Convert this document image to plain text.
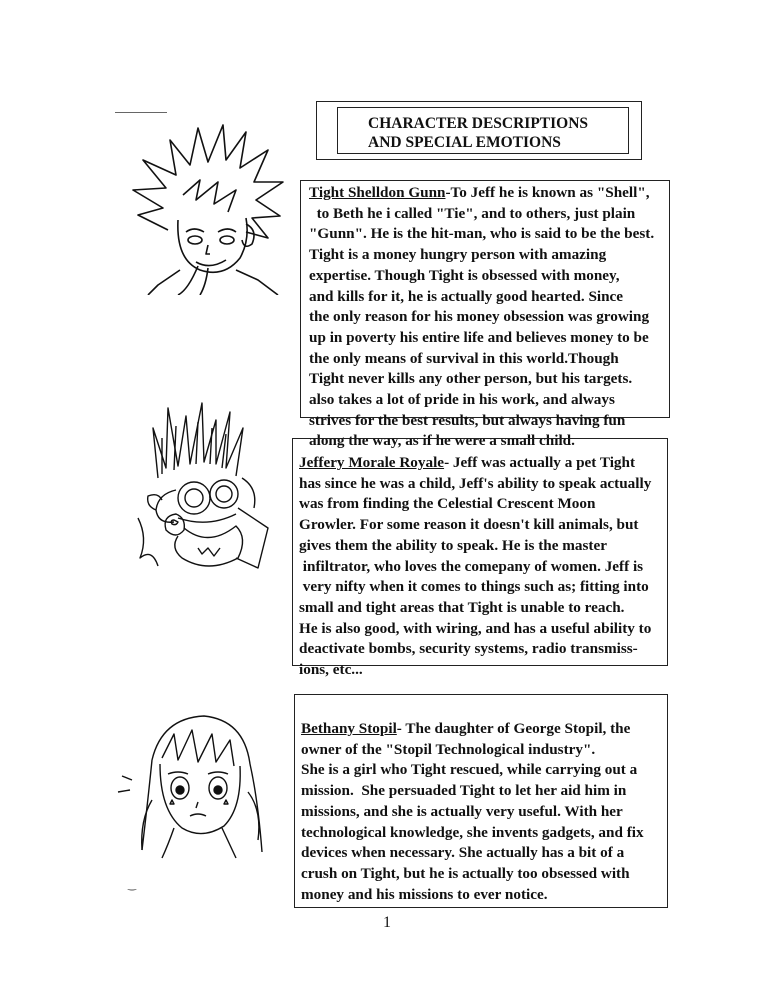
CHARACTER DESCRIPTIONS
AND SPECIAL EMOTIONS
Tight Shelldon Gunn-To Jeff he is known as "Shell",
to Beth he i called "Tie", and to others, just plain
"Gunn". He is the hit-man, who is said to be the best.
Tight is a money hungry person with amazing
expertise. Though Tight is obsessed with money,
and kills for it, he is actually good hearted. Since
the only reason for his money obsession was growing
up in poverty his entire life and believes money to be
the only means of survival in this world.Though
Tight never kills any other person, but his targets.
also takes a lot of pride in his work, and always
strives for the best results, but always having fun
along the way, as if he were a small child.
Jeffery Morale Royale- Jeff was actually a pet Tight
has since he was a child, Jeff's ability to speak actually
was from finding the Celestial Crescent Moon
Growler. For some reason it doesn't kill animals, but
gives them the ability to speak. He is the master
infiltrator, who loves the comepany of women. Jeff is
very nifty when it comes to things such as; fitting into
small and tight areas that Tight is unable to reach.
He is also good, with wiring, and has a useful ability to
deactivate bombs, security systems, radio transmiss-
ions, etc...
Bethany Stopil- The daughter of George Stopil, the
owner of the "Stopil Technological industry".
She is a girl who Tight rescued, while carrying out a
mission.  She persuaded Tight to let her aid him in
missions, and she is actually very useful. With her
technological knowledge, she invents gadgets, and fix
devices when necessary. She actually has a bit of a
crush on Tight, but he is actually too obsessed with
money and his missions to ever notice.
‿
1
